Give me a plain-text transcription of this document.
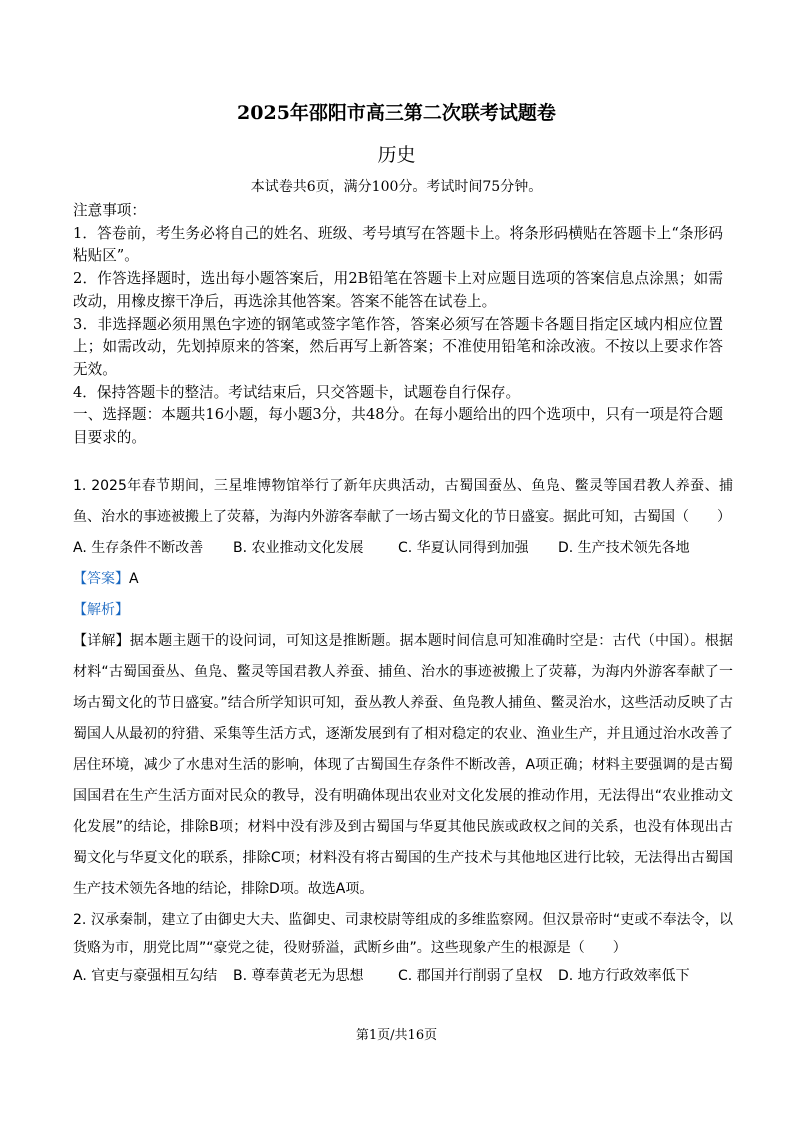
2025年邵阳市高三第二次联考试题卷
历史
本试卷共6页，满分100分。考试时间75分钟。

注意事项：

1．答卷前，考生务必将自己的姓名、班级、考号填写在答题卡上。将条形码横贴在答题卡上“条形码粘贴区”。

2．作答选择题时，选出每小题答案后，用2B铅笔在答题卡上对应题目选项的答案信息点涂黑；如需改动，用橡皮擦干净后，再选涂其他答案。答案不能答在试卷上。

3．非选择题必须用黑色字迹的钢笔或签字笔作答，答案必须写在答题卡各题目指定区域内相应位置上；如需改动，先划掉原来的答案，然后再写上新答案；不准使用铅笔和涂改液。不按以上要求作答无效。

4．保持答题卡的整洁。考试结束后，只交答题卡，试题卷自行保存。

一、选择题：本题共16小题，每小题3分，共48分。在每小题给出的四个选项中，只有一项是符合题目要求的。

1. 2025年春节期间，三星堆博物馆举行了新年庆典活动，古蜀国蚕丛、鱼凫、鳖灵等国君教人养蚕、捕鱼、治水的事迹被搬上了荧幕，为海内外游客奉献了一场古蜀文化的节日盛宴。据此可知，古蜀国（　　）

A. 生存条件不断改善	B. 农业推动文化发展	C. 华夏认同得到加强	D. 生产技术领先各地

【答案】A

【解析】

【详解】据本题主题干的设问词，可知这是推断题。据本题时间信息可知准确时空是：古代（中国）。根据材料“古蜀国蚕丛、鱼凫、鳖灵等国君教人养蚕、捕鱼、治水的事迹被搬上了荧幕，为海内外游客奉献了一场古蜀文化的节日盛宴。”结合所学知识可知，蚕丛教人养蚕、鱼凫教人捕鱼、鳖灵治水，这些活动反映了古蜀国人从最初的狩猎、采集等生活方式，逐渐发展到有了相对稳定的农业、渔业生产，并且通过治水改善了居住环境，减少了水患对生活的影响，体现了古蜀国生存条件不断改善，A项正确；材料主要强调的是古蜀国国君在生产生活方面对民众的教导，没有明确体现出农业对文化发展的推动作用，无法得出“农业推动文化发展”的结论，排除B项；材料中没有涉及到古蜀国与华夏其他民族或政权之间的关系，也没有体现出古蜀文化与华夏文化的联系，排除C项；材料没有将古蜀国的生产技术与其他地区进行比较，无法得出古蜀国生产技术领先各地的结论，排除D项。故选A项。

2. 汉承秦制，建立了由御史大夫、监御史、司隶校尉等组成的多维监察网。但汉景帝时“吏或不奉法令，以货赂为市，朋党比周”“豪党之徒，役财骄溢，武断乡曲”。这些现象产生的根源是（　　）

A. 官吏与豪强相互勾结	B. 尊奉黄老无为思想	C. 郡国并行削弱了皇权	D. 地方行政效率低下
第1页/共16页
